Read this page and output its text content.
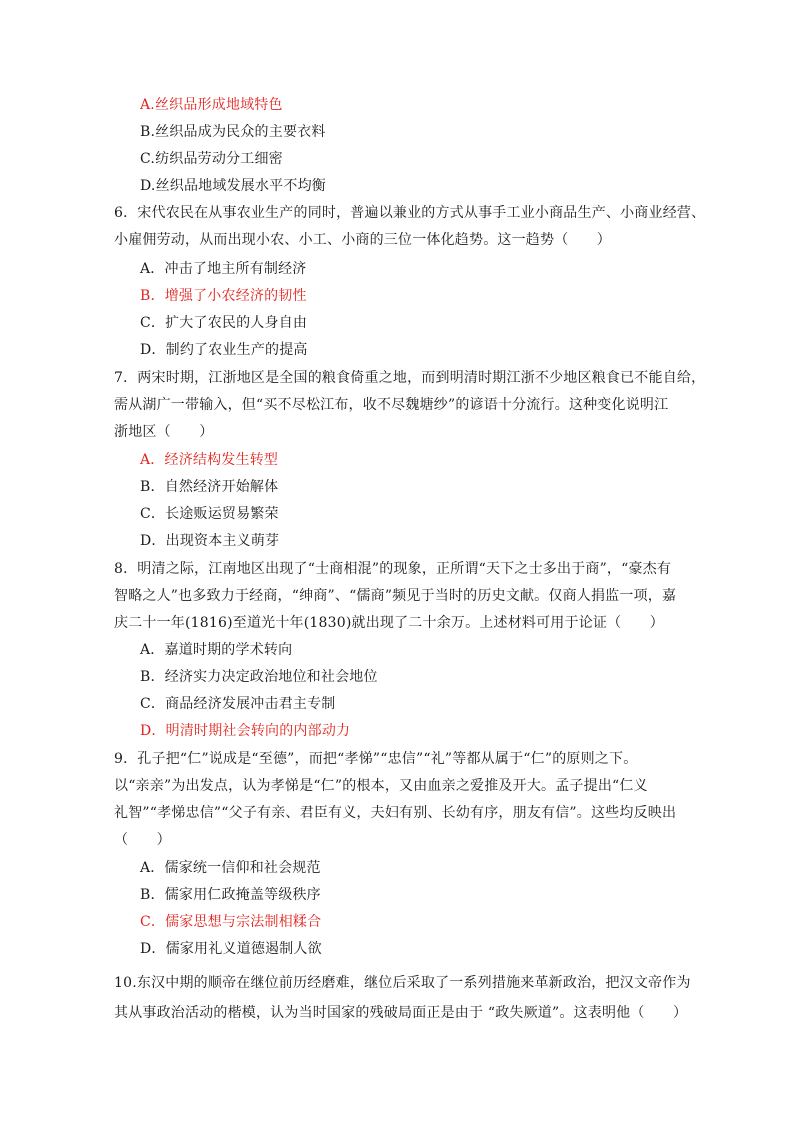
A.丝织品形成地域特色
B.丝织品成为民众的主要衣料
C.纺织品劳动分工细密
D.丝织品地域发展水平不均衡
6．宋代农民在从事农业生产的同时，普遍以兼业的方式从事手工业小商品生产、小商业经营、
小雇佣劳动，从而出现小农、小工、小商的三位一体化趋势。这一趋势（　　）
A．冲击了地主所有制经济
B．增强了小农经济的韧性
C．扩大了农民的人身自由
D．制约了农业生产的提高
7．两宋时期，江浙地区是全国的粮食倚重之地，而到明清时期江浙不少地区粮食已不能自给，
需从湖广一带输入，但“买不尽松江布，收不尽魏塘纱”的谚语十分流行。这种变化说明江
浙地区（　　）
A．经济结构发生转型
B．自然经济开始解体
C．长途贩运贸易繁荣
D．出现资本主义萌芽
8．明清之际，江南地区出现了“士商相混”的现象，正所谓“天下之士多出于商”，“豪杰有
智略之人”也多致力于经商，“绅商”、“儒商”频见于当时的历史文献。仅商人捐监一项，嘉
庆二十一年(1816)至道光十年(1830)就出现了二十余万。上述材料可用于论证（　　）
A．嘉道时期的学术转向
B．经济实力决定政治地位和社会地位
C．商品经济发展冲击君主专制
D．明清时期社会转向的内部动力
9．孔子把“仁”说成是“至德”，而把“孝悌”“忠信”“礼”等都从属于“仁”的原则之下。
以“亲亲”为出发点，认为孝悌是“仁”的根本，又由血亲之爱推及开大。孟子提出“仁义
礼智”“孝悌忠信”“父子有亲、君臣有义，夫妇有别、长幼有序，朋友有信”。这些均反映出
（　　）
A．儒家统一信仰和社会规范
B．儒家用仁政掩盖等级秩序
C．儒家思想与宗法制相糅合
D．儒家用礼义道德遏制人欲
10.东汉中期的顺帝在继位前历经磨难，继位后采取了一系列措施来革新政治，把汉文帝作为
其从事政治活动的楷模，认为当时国家的残破局面正是由于 “政失厥道”。这表明他（　　）
